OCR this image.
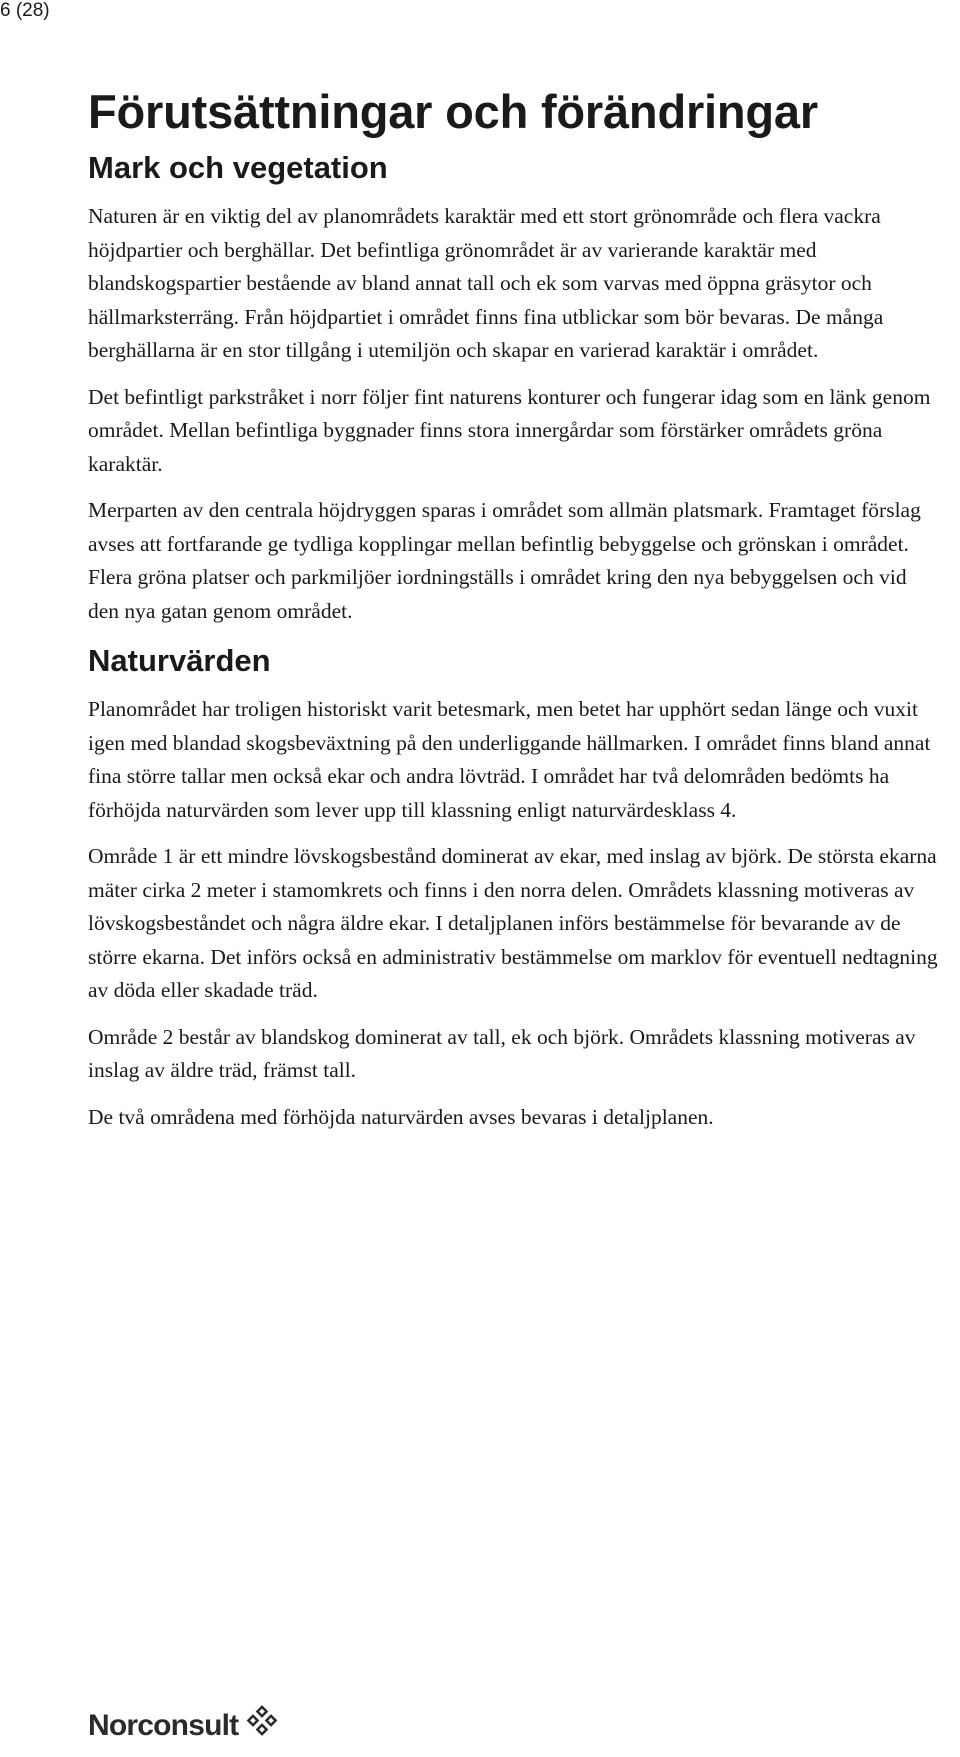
6 (28)
Förutsättningar och förändringar
Mark och vegetation

Naturen är en viktig del av planområdets karaktär med ett stort grönområde och flera vackra höjdpartier och berghällar. Det befintliga grönområdet är av varierande karaktär med blandskogspartier bestående av bland annat tall och ek som varvas med öppna gräsytor och hällmarksterräng. Från höjdpartiet i området finns fina utblickar som bör bevaras. De många berghällarna är en stor tillgång i utemiljön och skapar en varierad karaktär i området.

Det befintligt parkstråket i norr följer fint naturens konturer och fungerar idag som en länk genom området. Mellan befintliga byggnader finns stora innergårdar som förstärker områdets gröna karaktär.

Merparten av den centrala höjdryggen sparas i området som allmän platsmark. Framtaget förslag avses att fortfarande ge tydliga kopplingar mellan befintlig bebyggelse och grönskan i området. Flera gröna platser och parkmiljöer iordningställs i området kring den nya bebyggelsen och vid den nya gatan genom området.

Naturvärden

Planområdet har troligen historiskt varit betesmark, men betet har upphört sedan länge och vuxit igen med blandad skogsbeväxtning på den underliggande hällmarken. I området finns bland annat fina större tallar men också ekar och andra lövträd. I området har två delområden bedömts ha förhöjda naturvärden som lever upp till klassning enligt naturvärdesklass 4.

Område 1 är ett mindre lövskogsbestånd dominerat av ekar, med inslag av björk. De största ekarna mäter cirka 2 meter i stamomkrets och finns i den norra delen. Områdets klassning motiveras av lövskogsbeståndet och några äldre ekar. I detaljplanen införs bestämmelse för bevarande av de större ekarna. Det införs också en administrativ bestämmelse om marklov för eventuell nedtagning av döda eller skadade träd.

Område 2 består av blandskog dominerat av tall, ek och björk. Områdets klassning motiveras av inslag av äldre träd, främst tall.

De två områdena med förhöjda naturvärden avses bevaras i detaljplanen.

Norconsult
